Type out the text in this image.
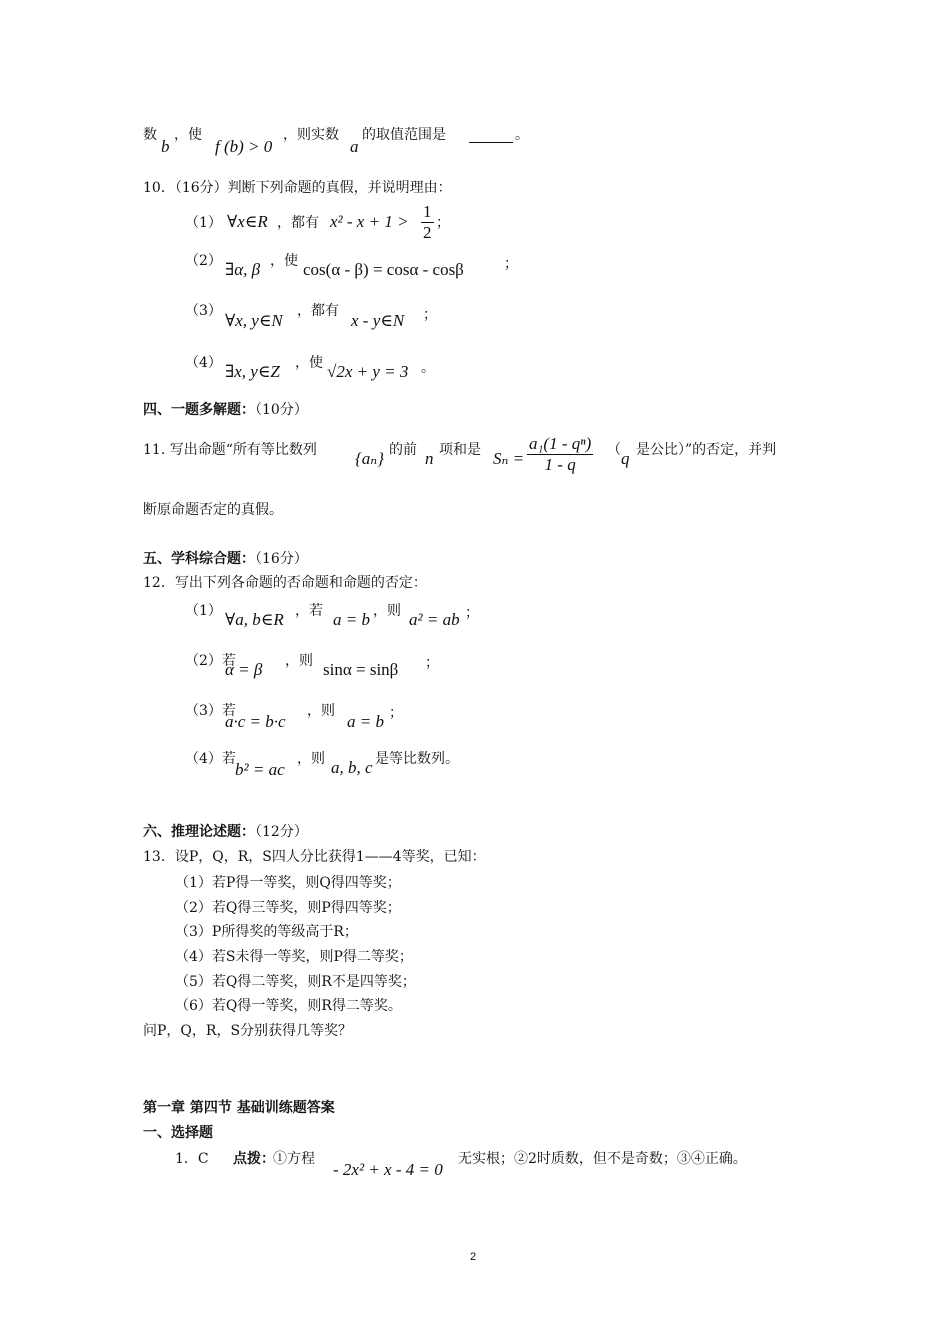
数
b
，使
f (b) > 0
，则实数
a
的取值范围是	。
10．（16分）判断下列命题的真假，并说明理由：
（1） ∀x∈R ，都有 $x^2 - x + 1 > \frac{1}{2}$ ；
（2） ∃α, β ，使 cos(α - β) = cosα - cosβ	；
（3） ∀x, y∈N ，都有 x - y∈N ；
（4） ∃x, y∈Z ，使 √2x + y = 3 。
四、一题多解题：（10分）
11. 写出命题“所有等比数列 {aₙ} 的前 n 项和是 $S_n = \frac{\text{a₁(1 - qⁿ)}}{1 - q}$ （ q 是公比）”的否定，并判
断原命题否定的真假。
五、学科综合题：（16分）
12．写出下列各命题的否命题和命题的否定：
（1） ∀a, b∈R ，若 a = b ，则 a² = ab ；
（2）若
α = β ，则 sinα = sinβ ；
（3）若
a·c = b·c
，则
a = b ；
（4）若
b² = ac
，则 a, b, c 是等比数列。
六、推理论述题：（12分）
13．设P，Q，R，S四人分比获得1——4等奖，已知：
（1）若P得一等奖，则Q得四等奖；
（2）若Q得三等奖，则P得四等奖；
（3）P所得奖的等级高于R；
（4）若S未得一等奖，则P得二等奖；
（5）若Q得二等奖，则R不是四等奖；
（6）若Q得一等奖，则R得二等奖。
问P，Q，R，S分别获得几等奖？
第一章 第四节 基础训练题答案
一、选择题
1．C 点拨：
①方程
- 2x² + x - 4 = 0
无实根；②2时质数，但不是奇数；③④正确。
2
